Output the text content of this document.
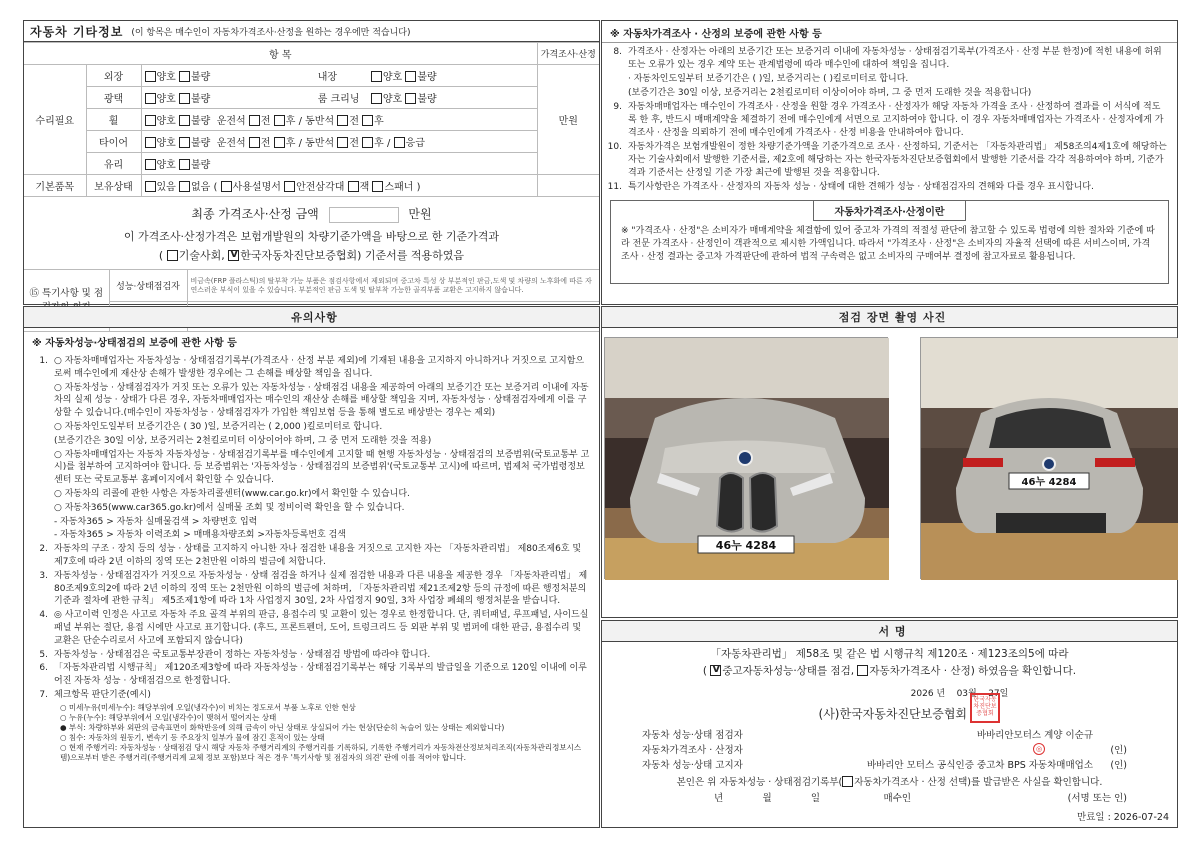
자동차 기타정보 (이 항목은 매수인이 자동차가격조사·산정을 원하는 경우에만 적습니다)
항 목			가격조사·산정
수리필요	외장	양호 불량 내장 양호 불량	만원
	광택	양호 불량 룸 크리닝 양호 불량	
	휠	양호 불량 운전석 전 후 / 동반석 전 후	
	타이어	양호 불량 운전석 전 후 / 동반석 전 후 / 응급	
	유리	양호 불량	
기본품목	보유상태	있음 없음 ( 사용설명서 안전삼각대 잭 스패너 )	
최종 가격조사·산정 금액	만원
이 가격조사·산정가격은 보험개발원의 차량기준가액을 바탕으로 한 기준가격과
( 기술사회, V한국자동차진단보증협회) 기준서를 적용하였음
⑮ 특기사항 및 점	성능·상태점검자	비금속(FRP 플라스틱)의 탈부착 가능 부품은 점검사항에서 제외되며 중고차 특성 상 부분적인 판금,도색 및 차량의 노후화에 따른 자연스러운 부식이 있을 수 있습니다. 부분적인 판금 도색 및 탈부착 가능한 골격부품 교환은 고지하지 않습니다.

※ 자동차가격조사 · 산정의 보증에 관한 사항 등
8. 가격조사 · 산정자는 아래의 보증기간 또는 보증거리 이내에 자동차성능 · 상태점검기록부(가격조사 · 산정 부분 한정)에 적힌 내용에 허위 또는 오류가 있는 경우 계약 또는 관계법령에 따라 매수인에 대하여 책임을 집니다.
· 자동차인도일부터 보증기간은 ( )일, 보증거리는 ( )킬로미터로 합니다.
(보증기간은 30일 이상, 보증거리는 2천킬로미터 이상이어야 하며, 그 중 먼저 도래한 것을 적용합니다)
9. 자동차매매업자는 매수인이 가격조사 · 산정을 원할 경우 가격조사 · 산정자가 해당 자동차 가격을 조사 · 산정하여 결과를 이 서식에 적도록 한 후, 반드시 매매계약을 체결하기 전에 매수인에게 서면으로 고지하여야 합니다. 이 경우 자동차매매업자는 가격조사 · 산정자에게 가격조사 · 산정을 의뢰하기 전에 매수인에게 가격조사 · 산정 비용을 안내하여야 합니다.
10. 자동차가격은 보험개발원이 정한 차량기준가액을 기준가격으로 조사 · 산정하되, 기준서는 「자동차관리법」 제58조의4제1호에 해당하는 자는 기술사회에서 발행한 기준서를, 제2호에 해당하는 자는 한국자동차진단보증협회에서 발행한 기준서를 각각 적용하여야 하며, 기준가격과 기준서는 산정일 기준 가장 최근에 발행된 것을 적용합니다.
11. 특기사항란은 가격조사 · 산정자의 자동차 성능 · 상태에 대한 견해가 성능 · 상태점검자의 견해와 다를 경우 표시합니다.
자동차가격조사·산정이란
※ "가격조사 · 산정"은 소비자가 매매계약을 체결함에 있어 중고차 가격의 적절성 판단에 참고할 수 있도록 법령에 의한 절차와 기준에 따라 전문 가격조사 · 산정인이 객관적으로 제시한 가액입니다. 따라서 "가격조사 · 산정"은 소비자의 자율적 선택에 따른 서비스이며, 가격조사 · 산정 결과는 중고차 가격판단에 관하여 법적 구속력은 없고 소비자의 구매여부 결정에 참고자료로 활용됩니다.
유의사항
※ 자동차성능·상태점검의 보증에 관한 사항 등
1. ○ 자동차매매업자는 자동차성능 · 상태점검기록부(가격조사 · 산정 부분 제외)에 기재된 내용을 고지하지 아니하거나 거짓으로 고지함으로써 매수인에게 재산상 손해가 발생한 경우에는 그 손해를 배상할 책임을 집니다.
○ 자동차성능 · 상태점검자가 거짓 또는 오류가 있는 자동차성능 · 상태점검 내용을 제공하여 아래의 보증기간 또는 보증거리 이내에 자동차의 실제 성능 · 상태가 다른 경우, 자동차매매업자는 매수인의 재산상 손해를 배상할 책임을 지며, 자동차성능 · 상태점검자에게 이를 구상할 수 있습니다.(매수인이 자동차성능 · 상태점검자가 가입한 책임보험 등을 통해 별도로 배상받는 경우는 제외)
○ 자동차인도일부터 보증기간은 ( 30 )일, 보증거리는 ( 2,000 )킬로미터로 합니다.
(보증기간은 30일 이상, 보증거리는 2천킬로미터 이상이어야 하며, 그 중 먼저 도래한 것을 적용)
○ 자동차매매업자는 자동차 자동차성능 · 상태점검기록부를 매수인에게 고지할 때 현행 자동차성능 · 상태점검의 보증범위(국토교통부 고시)를 첨부하여 고지하여야 합니다. 등 보증범위는 '자동차성능 · 상태점검의 보증범위'(국토교통부 고시)에 따르며, 법제처 국가법령정보센터 또는 국토교통부 홈페이지에서 확인할 수 있습니다.
○ 자동차의 리콜에 관한 사항은 자동차리콜센터(www.car.go.kr)에서 확인할 수 있습니다.
○ 자동차365(www.car365.go.kr)에서 실매물 조회 및 정비이력 확인을 할 수 있습니다.
- 자동차365 > 자동차 실매물검색 > 차량번호 입력
- 자동차365 > 자동차 이력조회 > 매매용차량조회 >자동차등록번호 검색
2. 자동차의 구조 · 장치 등의 성능 · 상태를 고지하지 아니한 자나 점검한 내용을 거짓으로 고지한 자는 「자동차관리법」 제80조제6호 및 제7호에 따라 2년 이하의 징역 또는 2천만원 이하의 벌금에 처합니다.
3. 자동차성능 · 상태점검자가 거짓으로 자동차성능 · 상태 점검을 하거나 실제 점검한 내용과 다른 내용을 제공한 경우 「자동차관리법」 제80조제9호의2에 따라 2년 이하의 징역 또는 2천만원 이하의 벌금에 처하며, 「자동차관리법 제21조제2항 등의 규정에 따른 행정처분의 기준과 절차에 관한 규칙」 제5조제1항에 따라 1차 사업정지 30일, 2차 사업정지 90일, 3차 사업장 폐쇄의 행정처분을 받습니다.
4. ◎ 사고이력 인정은 사고로 자동차 주요 골격 부위의 판금, 용접수리 및 교환이 있는 경우로 한정합니다. 단, 쿼터패널, 루프패널, 사이드실패널 부위는 절단, 용접 시에만 사고로 표기합니다. (후드, 프론트펜더, 도어, 트렁크리드 등 외판 부위 및 범퍼에 대한 판금, 용접수리 및 교환은 단순수리로서 사고에 포함되지 않습니다)
5. 자동차성능 · 상태점검은 국토교통부장관이 정하는 자동차성능 · 상태점검 방법에 따라야 합니다.
6. 「자동차관리법 시행규칙」 제120조제3항에 따라 자동차성능 · 상태점검기록부는 해당 기록부의 발급일을 기준으로 120일 이내에 이루어진 자동차 성능 · 상태점검으로 한정합니다.
7. 체크항목 판단기준(예시)
○ 미세누유(미세누수): 해당부위에 오일(냉각수)이 비치는 정도로서 부품 노후로 인한 현상
○ 누유(누수): 해당부위에서 오일(냉각수)이 맺혀서 떨어지는 상태
● 부식: 차량하부와 외판의 금속표면이 화학반응에 의해 금속이 아닌 상태로 상실되어 가는 현상(단순히 녹슬어 있는 상태는 제외합니다)
○ 침수: 자동차의 원동기, 변속기 등 주요장치 일부가 물에 잠긴 흔적이 있는 상태
○ 현재 주행거리: 자동차성능 · 상태점검 당시 해당 자동차 주행거리계의 주행거리를 기록하되, 기록한 주행거리가 자동차전산정보처리조직(자동차관리정보시스템)으로부터 받은 주행거리(주행거리계 교체 정보 포함)보다 적은 경우 '특기사항 및 점검자의 의견' 란에 이를 적어야 합니다.
점검 장면 촬영 사진
46누 4284
46누 4284
서 명
「자동차관리법」 제58조 및 같은 법 시행규칙 제120조 · 제123조의5에 따라
( V중고자동차성능·상태를 점검, 자동차가격조사 · 산정) 하였음을 확인합니다.
2026 년 03월 27일
(사)한국자동차진단보증협회
한국자동차진단보증협회
자동차 성능·상태 점검자	바바리안모터스 계양 이순규
자동차가격조사 · 산정자	(인)
자동차 성능·상태 고지자	바바리안 모터스 공식인증 중고차 BPS 자동차매매업소	(인)
◎
본인은 위 자동차성능 · 상태점검기록부( 자동차가격조사 · 산정 선택)를 발급받은 사실을 확인합니다.
년	월	일	매수인	(서명 또는 인)
만료일 : 2026-07-24
